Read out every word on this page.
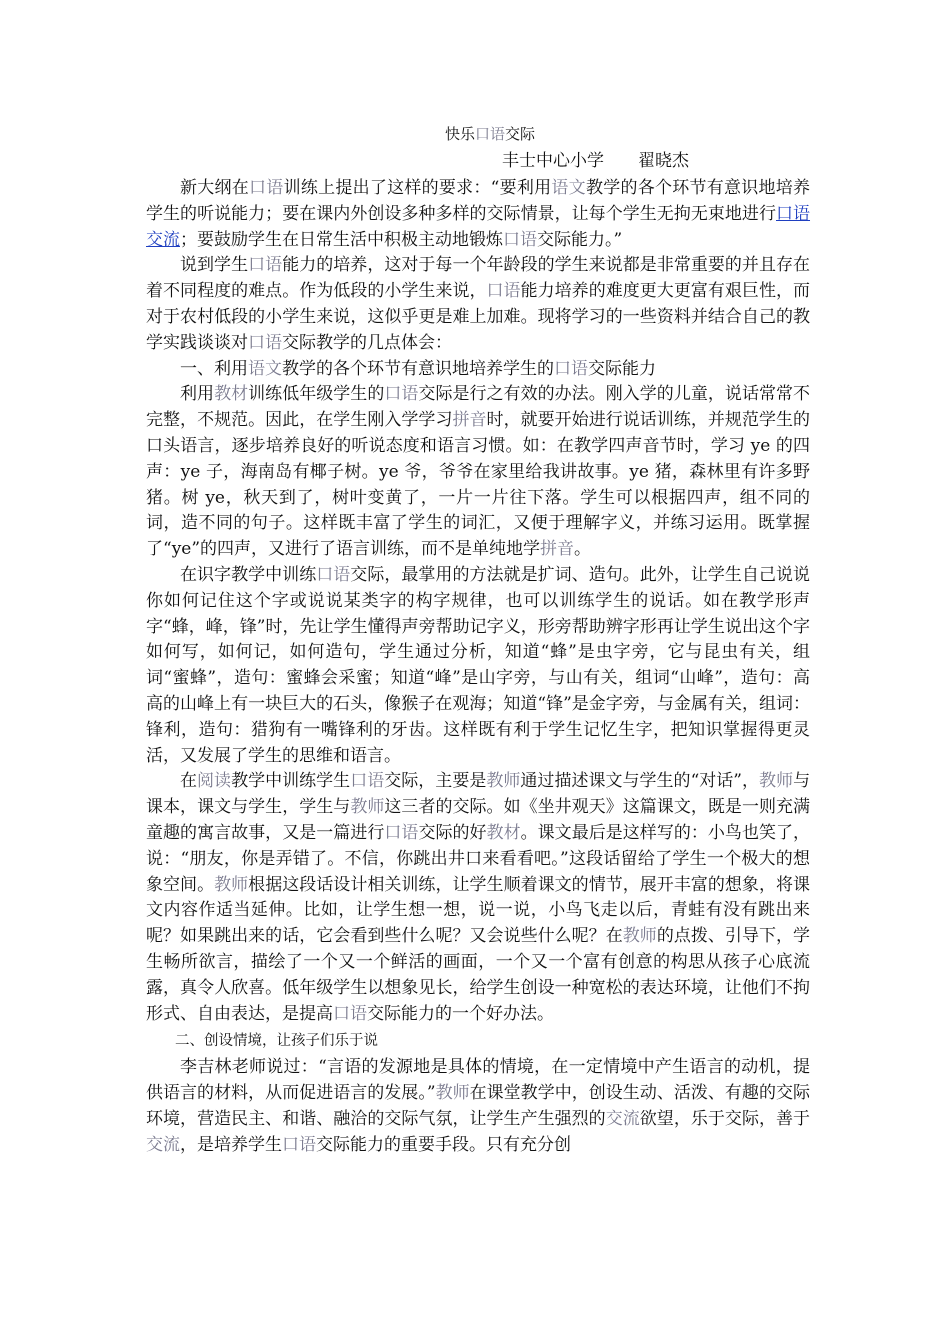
快乐口语交际
丰士中心小学 翟晓杰

新大纲在口语训练上提出了这样的要求：“要利用语文教学的各个环节有意识地培养学生的听说能力；要在课内外创设多种多样的交际情景，让每个学生无拘无束地进行口语交流；要鼓励学生在日常生活中积极主动地锻炼口语交际能力。”

说到学生口语能力的培养，这对于每一个年龄段的学生来说都是非常重要的并且存在着不同程度的难点。作为低段的小学生来说，口语能力培养的难度更大更富有艰巨性，而对于农村低段的小学生来说，这似乎更是难上加难。现将学习的一些资料并结合自己的教学实践谈谈对口语交际教学的几点体会：

一、利用语文教学的各个环节有意识地培养学生的口语交际能力

利用教材训练低年级学生的口语交际是行之有效的办法。刚入学的儿童，说话常常不完整，不规范。因此，在学生刚入学学习拼音时，就要开始进行说话训练，并规范学生的口头语言，逐步培养良好的听说态度和语言习惯。如：在教学四声音节时，学习 ye 的四声：ye 子，海南岛有椰子树。ye 爷，爷爷在家里给我讲故事。ye 猪，森林里有许多野猪。树 ye，秋天到了，树叶变黄了，一片一片往下落。学生可以根据四声，组不同的词，造不同的句子。这样既丰富了学生的词汇，又便于理解字义，并练习运用。既掌握了“ye”的四声，又进行了语言训练，而不是单纯地学拼音。

在识字教学中训练口语交际，最掌用的方法就是扩词、造句。此外，让学生自己说说你如何记住这个字或说说某类字的构字规律，也可以训练学生的说话。如在教学形声字“蜂，峰，锋”时，先让学生懂得声旁帮助记字义，形旁帮助辨字形再让学生说出这个字如何写，如何记，如何造句，学生通过分析，知道“蜂”是虫字旁，它与昆虫有关，组词“蜜蜂”，造句：蜜蜂会采蜜；知道“峰”是山字旁，与山有关，组词“山峰”，造句：高高的山峰上有一块巨大的石头，像猴子在观海；知道“锋”是金字旁，与金属有关，组词：锋利，造句：猎狗有一嘴锋利的牙齿。这样既有利于学生记忆生字，把知识掌握得更灵活，又发展了学生的思维和语言。

在阅读教学中训练学生口语交际，主要是教师通过描述课文与学生的“对话”，教师与课本，课文与学生，学生与教师这三者的交际。如《坐井观天》这篇课文，既是一则充满童趣的寓言故事，又是一篇进行口语交际的好教材。课文最后是这样写的：小鸟也笑了，说：“朋友，你是弄错了。不信，你跳出井口来看看吧。”这段话留给了学生一个极大的想象空间。教师根据这段话设计相关训练，让学生顺着课文的情节，展开丰富的想象，将课文内容作适当延伸。比如，让学生想一想，说一说，小鸟飞走以后，青蛙有没有跳出来呢？如果跳出来的话，它会看到些什么呢？又会说些什么呢？在教师的点拨、引导下，学生畅所欲言，描绘了一个又一个鲜活的画面，一个又一个富有创意的构思从孩子心底流露，真令人欣喜。低年级学生以想象见长，给学生创设一种宽松的表达环境，让他们不拘形式、自由表达，是提高口语交际能力的一个好办法。

二、创设情境，让孩子们乐于说

李吉林老师说过：“言语的发源地是具体的情境，在一定情境中产生语言的动机，提供语言的材料，从而促进语言的发展。”教师在课堂教学中，创设生动、活泼、有趣的交际环境，营造民主、和谐、融洽的交际气氛，让学生产生强烈的交流欲望，乐于交际，善于交流，是培养学生口语交际能力的重要手段。只有充分创
